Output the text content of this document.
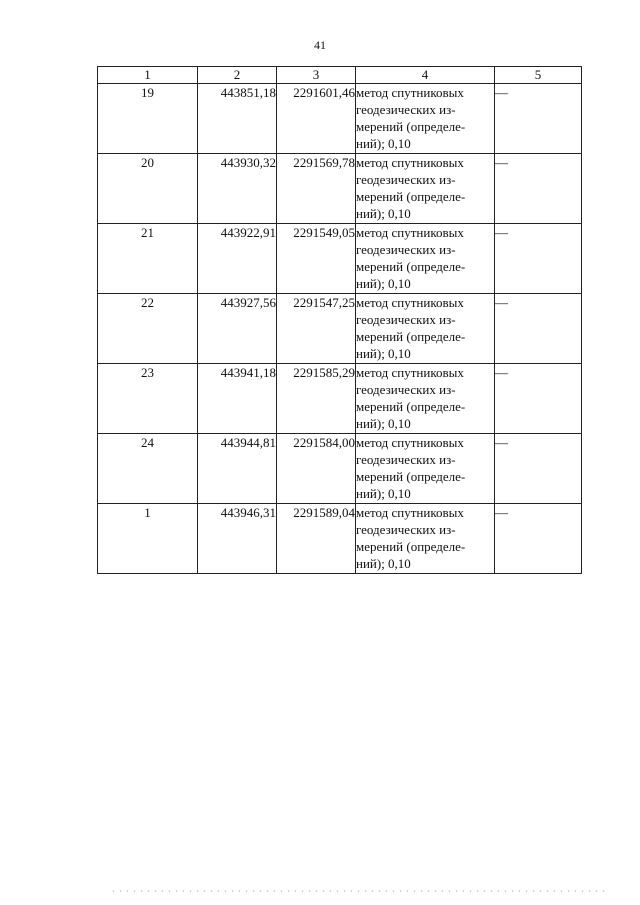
41
1	2	3	4	5
19	443851,18	2291601,46	метод спутниковых
геодезических из-
мерений (определе-
ний); 0,10	—
20	443930,32	2291569,78	метод спутниковых
геодезических из-
мерений (определе-
ний); 0,10	—
21	443922,91	2291549,05	метод спутниковых
геодезических из-
мерений (определе-
ний); 0,10	—
22	443927,56	2291547,25	метод спутниковых
геодезических из-
мерений (определе-
ний); 0,10	—
23	443941,18	2291585,29	метод спутниковых
геодезических из-
мерений (определе-
ний); 0,10	—
24	443944,81	2291584,00	метод спутниковых
геодезических из-
мерений (определе-
ний); 0,10	—
1	443946,31	2291589,04	метод спутниковых
геодезических из-
мерений (определе-
ний); 0,10	—
